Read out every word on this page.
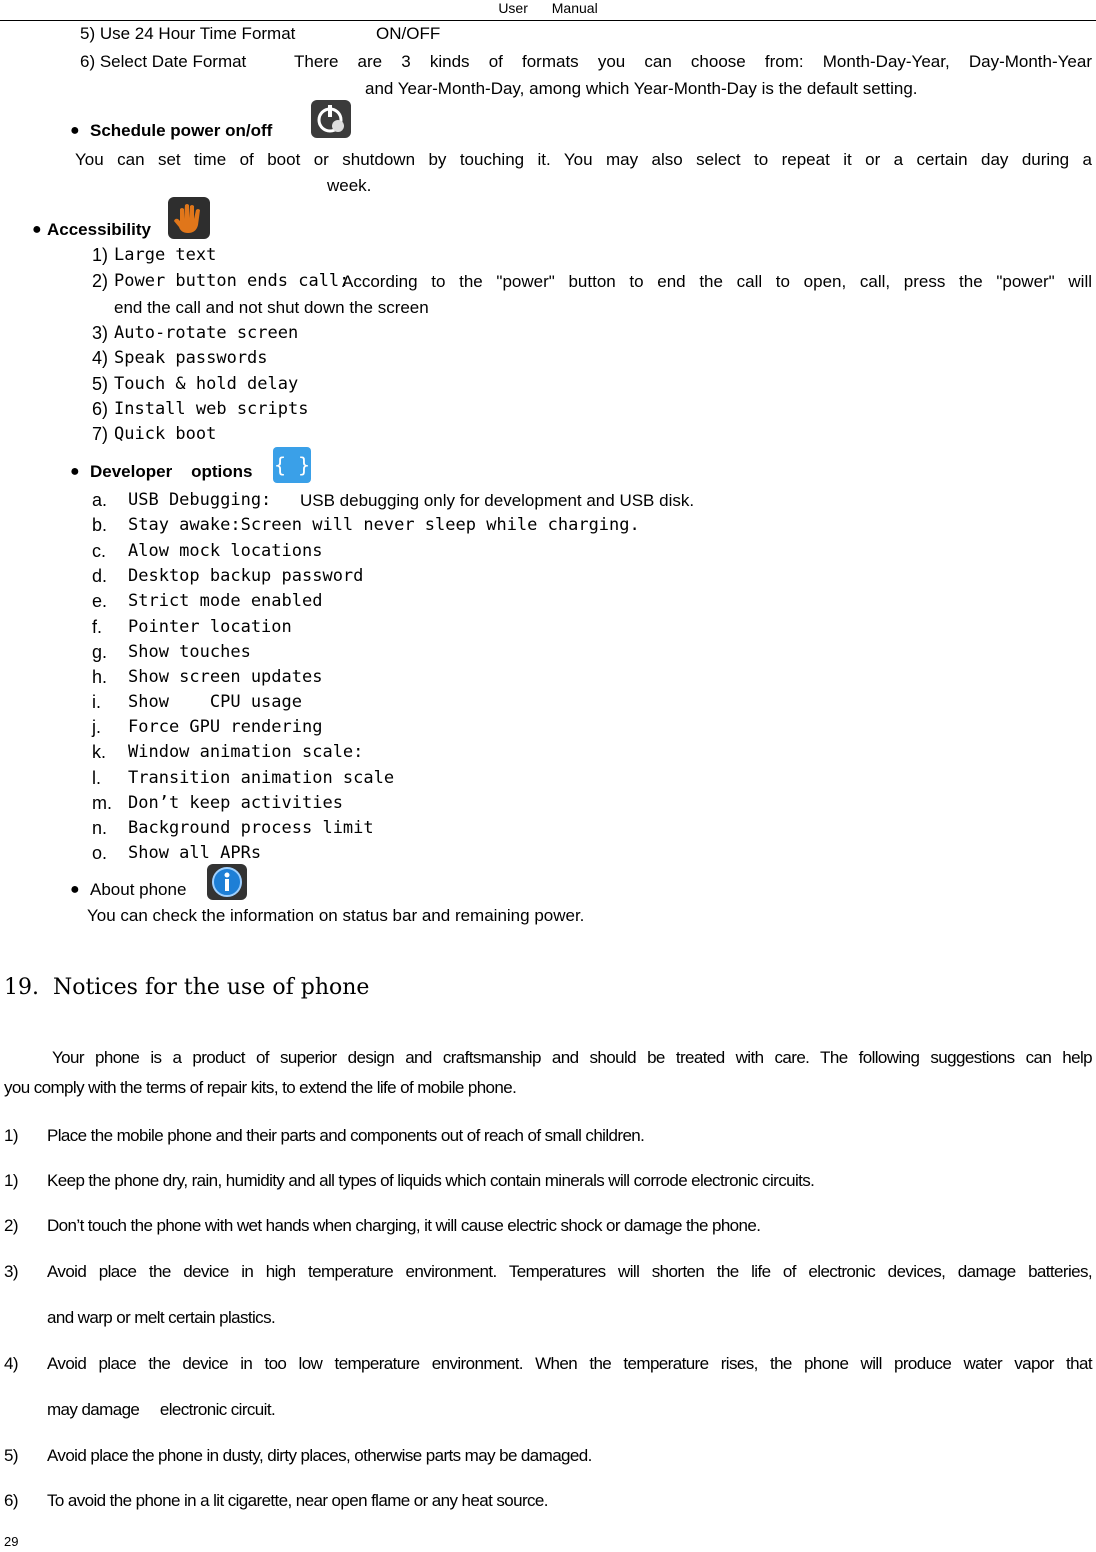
User Manual
5) Use 24 Hour Time Format	ON/OFF
6) Select Date Format	There are 3 kinds of formats you can choose from: Month-Day-Year, Day-Month-Year
and Year-Month-Day, among which Year-Month-Day is the default setting.
● Schedule power on/off
You can set time of boot or shutdown by touching it. You may also select to repeat it or a certain day during a
week.
● Accessibility
1) Large text
2) Power button ends call:
According to the "power" button to end the call to open, call, press the "power" will
end the call and not shut down the screen
3) Auto-rotate screen
4) Speak passwords
5) Touch & hold delay
6) Install web scripts
7) Quick boot
● Developer    options { }
a.	USB Debugging: USB debugging only for development and USB disk.
b.	Stay awake:Screen will never sleep while charging.
c.	Alow mock locations
d.	Desktop backup password
e.	Strict mode enabled
f.	Pointer location
g.	Show touches
h.	Show screen updates
i.	Show    CPU usage
j.	Force GPU rendering
k.	Window animation scale:
l.	Transition animation scale
m. Don’t keep activities
n.	Background process limit
o.	Show all APRs
● About phone
You can check the information on status bar and remaining power.
19.  Notices for the use of phone
Your phone is a product of superior design and craftsmanship and should be treated with care. The following suggestions can help
you comply with the terms of repair kits, to extend the life of mobile phone.
1)	Place the mobile phone and their parts and components out of reach of small children.
1)	Keep the phone dry, rain, humidity and all types of liquids which contain minerals will corrode electronic circuits.
2)	Don’t touch the phone with wet hands when charging, it will cause electric shock or damage the phone.
3)	Avoid place the device in high temperature environment. Temperatures will shorten the life of electronic devices, damage batteries,
and warp or melt certain plastics.
4)	Avoid place the device in too low temperature environment. When the temperature rises, the phone will produce water vapor that
may damage     electronic circuit.
5)	Avoid place the phone in dusty, dirty places, otherwise parts may be damaged.
6)	To avoid the phone in a lit cigarette, near open flame or any heat source.
29
